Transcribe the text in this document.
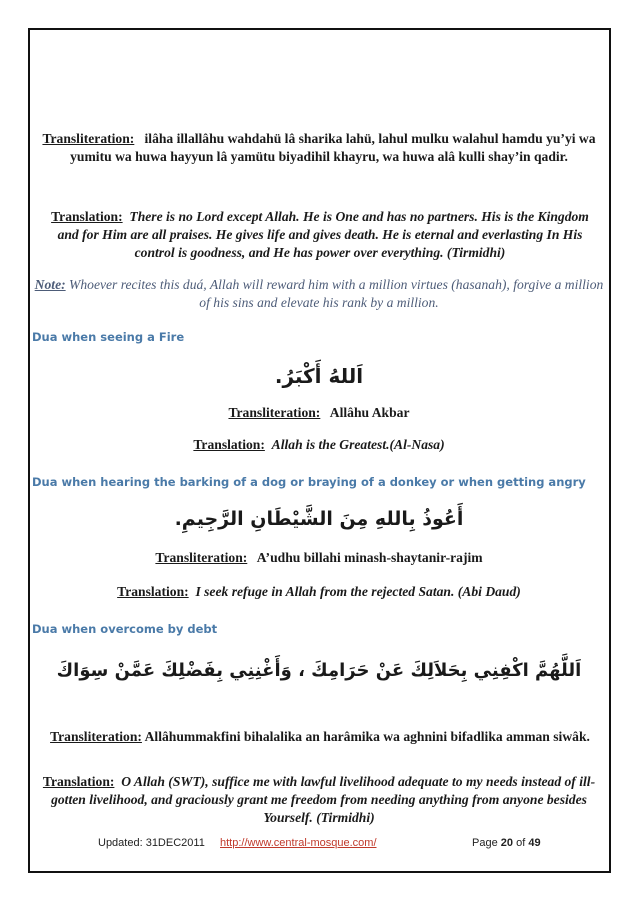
Transliteration: ilâha illallâhu wahdahü lâ sharika lahü, lahul mulku walahul hamdu yu’yi wa yumitu wa huwa hayyun lâ yamütu biyadihil khayru, wa huwa alâ kulli shay’in qadir.
Translation: There is no Lord except Allah. He is One and has no partners. His is the Kingdom and for Him are all praises. He gives life and gives death. He is eternal and everlasting In His control is goodness, and He has power over everything. (Tirmidhi)
Note: Whoever recites this duá, Allah will reward him with a million virtues (hasanah), forgive a million of his sins and elevate his rank by a million.
Dua when seeing a Fire
اَللهُ أَكْبَرُ.
Transliteration: Allâhu Akbar
Translation: Allah is the Greatest.(Al-Nasa)
Dua when hearing the barking of a dog or braying of a donkey or when getting angry
أَعُوذُ بِاللهِ مِنَ الشَّيْطَانِ الرَّجِيمِ.
Transliteration: A’udhu billahi minash-shaytanir-rajim
Translation: I seek refuge in Allah from the rejected Satan. (Abi Daud)
Dua when overcome by debt
اَللَّهُمَّ اكْفِنِي بِحَلاَلِكَ عَنْ حَرَامِكَ ، وَأَغْنِنِي بِفَضْلِكَ عَمَّنْ سِوَاكَ
Transliteration: Allâhummakfini bihalalika an harâmika wa aghnini bifadlika amman siwâk.
Translation: O Allah (SWT), suffice me with lawful livelihood adequate to my needs instead of ill-gotten livelihood, and graciously grant me freedom from needing anything from anyone besides Yourself. (Tirmidhi)
Updated: 31DEC2011 http://www.central-mosque.com/	Page 20 of 49
